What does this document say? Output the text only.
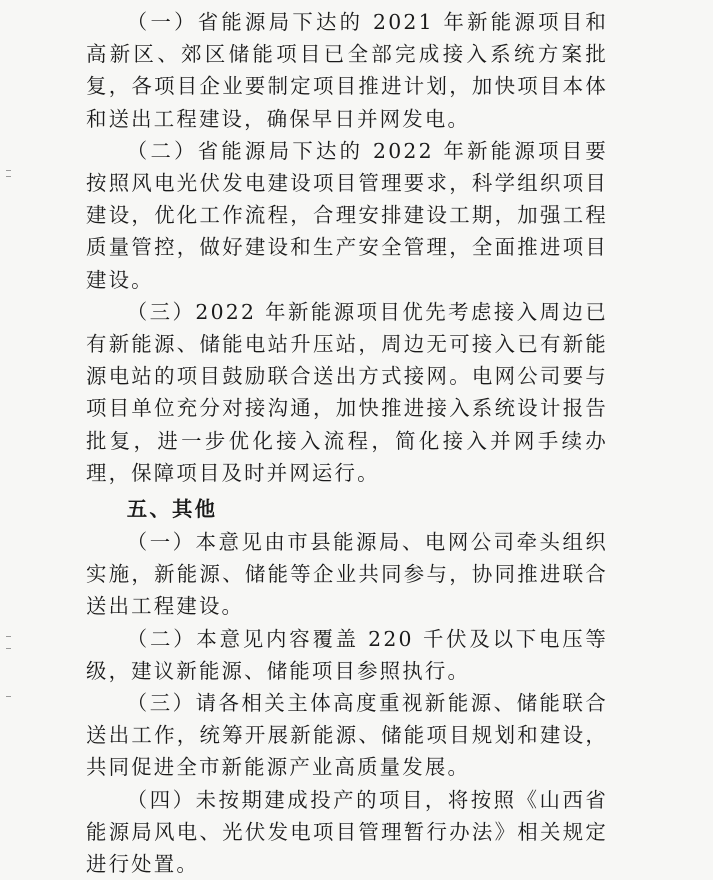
（一）省能源局下达的 2021 年新能源项目和高新区、郊区储能项目已全部完成接入系统方案批复，各项目企业要制定项目推进计划，加快项目本体和送出工程建设，确保早日并网发电。

（二）省能源局下达的 2022 年新能源项目要按照风电光伏发电建设项目管理要求，科学组织项目建设，优化工作流程，合理安排建设工期，加强工程质量管控，做好建设和生产安全管理，全面推进项目建设。

（三）2022 年新能源项目优先考虑接入周边已有新能源、储能电站升压站，周边无可接入已有新能源电站的项目鼓励联合送出方式接网。电网公司要与项目单位充分对接沟通，加快推进接入系统设计报告批复，进一步优化接入流程，简化接入并网手续办理，保障项目及时并网运行。

五、其他

（一）本意见由市县能源局、电网公司牵头组织实施，新能源、储能等企业共同参与，协同推进联合送出工程建设。

（二）本意见内容覆盖 220 千伏及以下电压等级，建议新能源、储能项目参照执行。

（三）请各相关主体高度重视新能源、储能联合送出工作，统筹开展新能源、储能项目规划和建设，共同促进全市新能源产业高质量发展。

（四）未按期建成投产的项目，将按照《山西省能源局风电、光伏发电项目管理暂行办法》相关规定进行处置。
